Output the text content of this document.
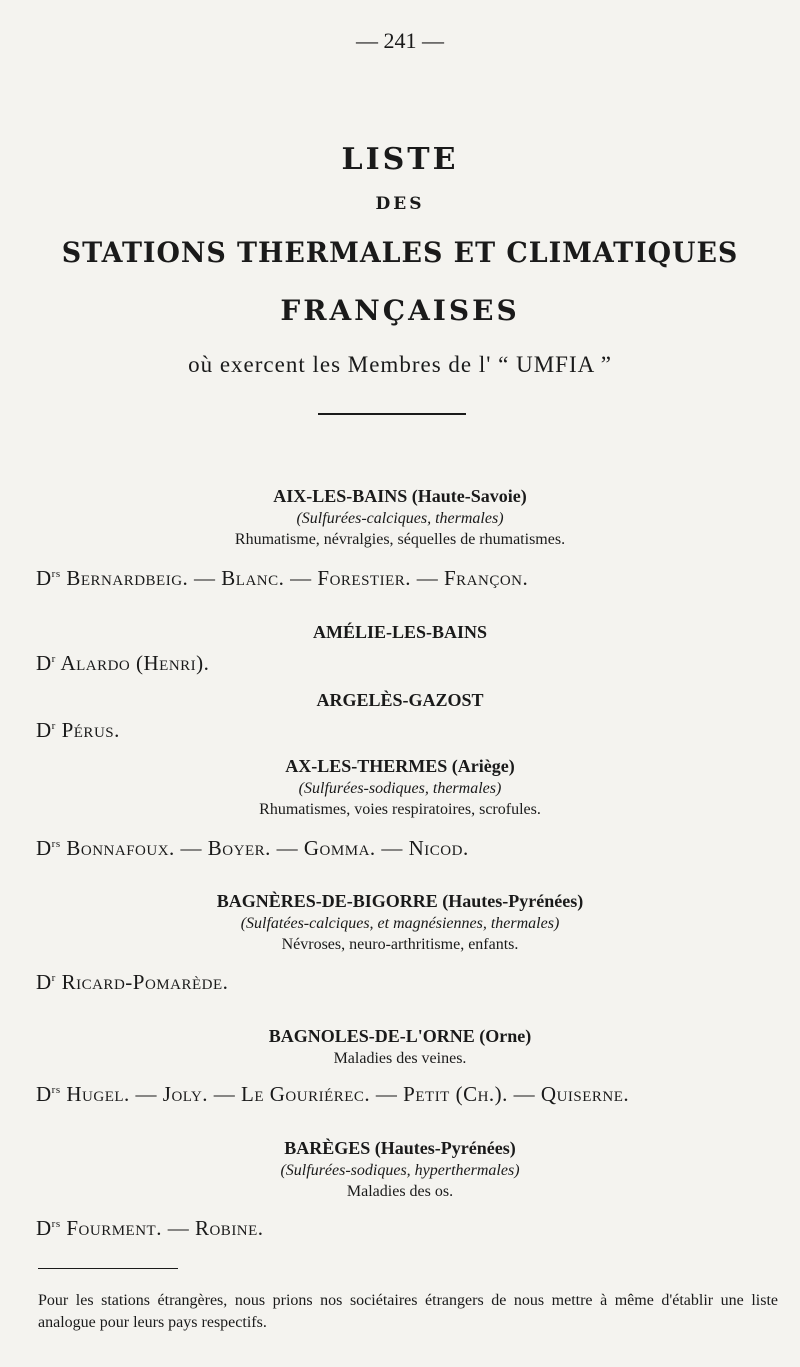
— 241 —
LISTE
DES
STATIONS THERMALES ET CLIMATIQUES
FRANÇAISES
où exercent les Membres de l' “ UMFIA ”
AIX-LES-BAINS (Haute-Savoie)
(Sulfurées-calciques, thermales)
Rhumatisme, névralgies, séquelles de rhumatismes.
$D^{rs}$ Bernardbeig. — Blanc. — Forestier. — Françon.
AMÉLIE-LES-BAINS
$D^r$ Alardo (Henri).
ARGELÈS-GAZOST
$D^r$ Pérus.
AX-LES-THERMES (Ariège)
(Sulfurées-sodiques, thermales)
Rhumatismes, voies respiratoires, scrofules.
$D^{rs}$ Bonnafoux. — Boyer. — Gomma. — Nicod.
BAGNÈRES-DE-BIGORRE (Hautes-Pyrénées)
(Sulfatées-calciques, et magnésiennes, thermales)
Névroses, neuro-arthritisme, enfants.
$D^r$ Ricard-Pomarède.
BAGNOLES-DE-L'ORNE (Orne)
Maladies des veines.
$D^{rs}$ Hugel. — Joly. — Le Gouriérec. — Petit (Ch.). — Quiserne.
BARÈGES (Hautes-Pyrénées)
(Sulfurées-sodiques, hyperthermales)
Maladies des os.
$D^{rs}$ Fourment. — Robine.
Pour les stations étrangères, nous prions nos sociétaires étrangers de nous mettre à même d'établir une liste analogue pour leurs pays respectifs.
